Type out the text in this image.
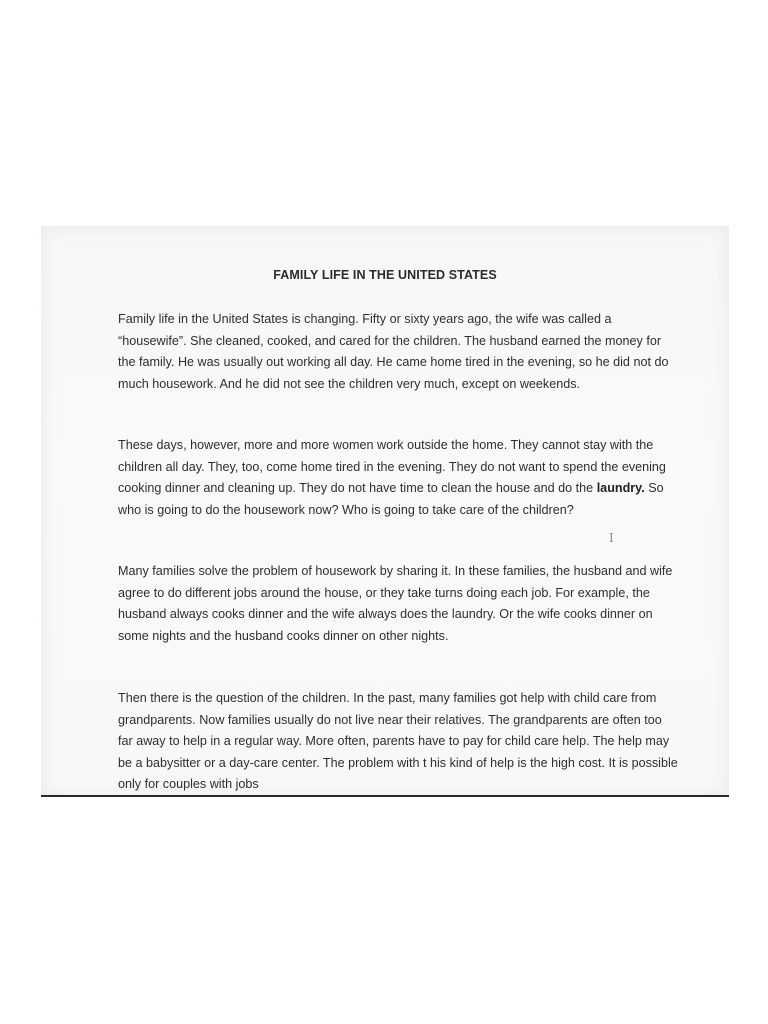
FAMILY LIFE IN THE UNITED STATES

Family life in the United States is changing. Fifty or sixty years ago, the wife was called a “housewife”. She cleaned, cooked, and cared for the children. The husband earned the money for the family. He was usually out working all day. He came home tired in the evening, so he did not do much housework. And he did not see the children very much, except on weekends.

These days, however, more and more women work outside the home. They cannot stay with the children all day. They, too, come home tired in the evening. They do not want to spend the evening cooking dinner and cleaning up. They do not have time to clean the house and do the laundry. So who is going to do the housework now? Who is going to take care of the children?

Many families solve the problem of housework by sharing it. In these families, the husband and wife agree to do different jobs around the house, or they take turns doing each job. For example, the husband always cooks dinner and the wife always does the laundry. Or the wife cooks dinner on some nights and the husband cooks dinner on other nights.

Then there is the question of the children. In the past, many families got help with child care from grandparents. Now families usually do not live near their relatives. The grandparents are often too far away to help in a regular way. More often, parents have to pay for child care help. The help may be a babysitter or a day-care center. The problem with t his kind of help is the high cost. It is possible only for couples with jobs

I
